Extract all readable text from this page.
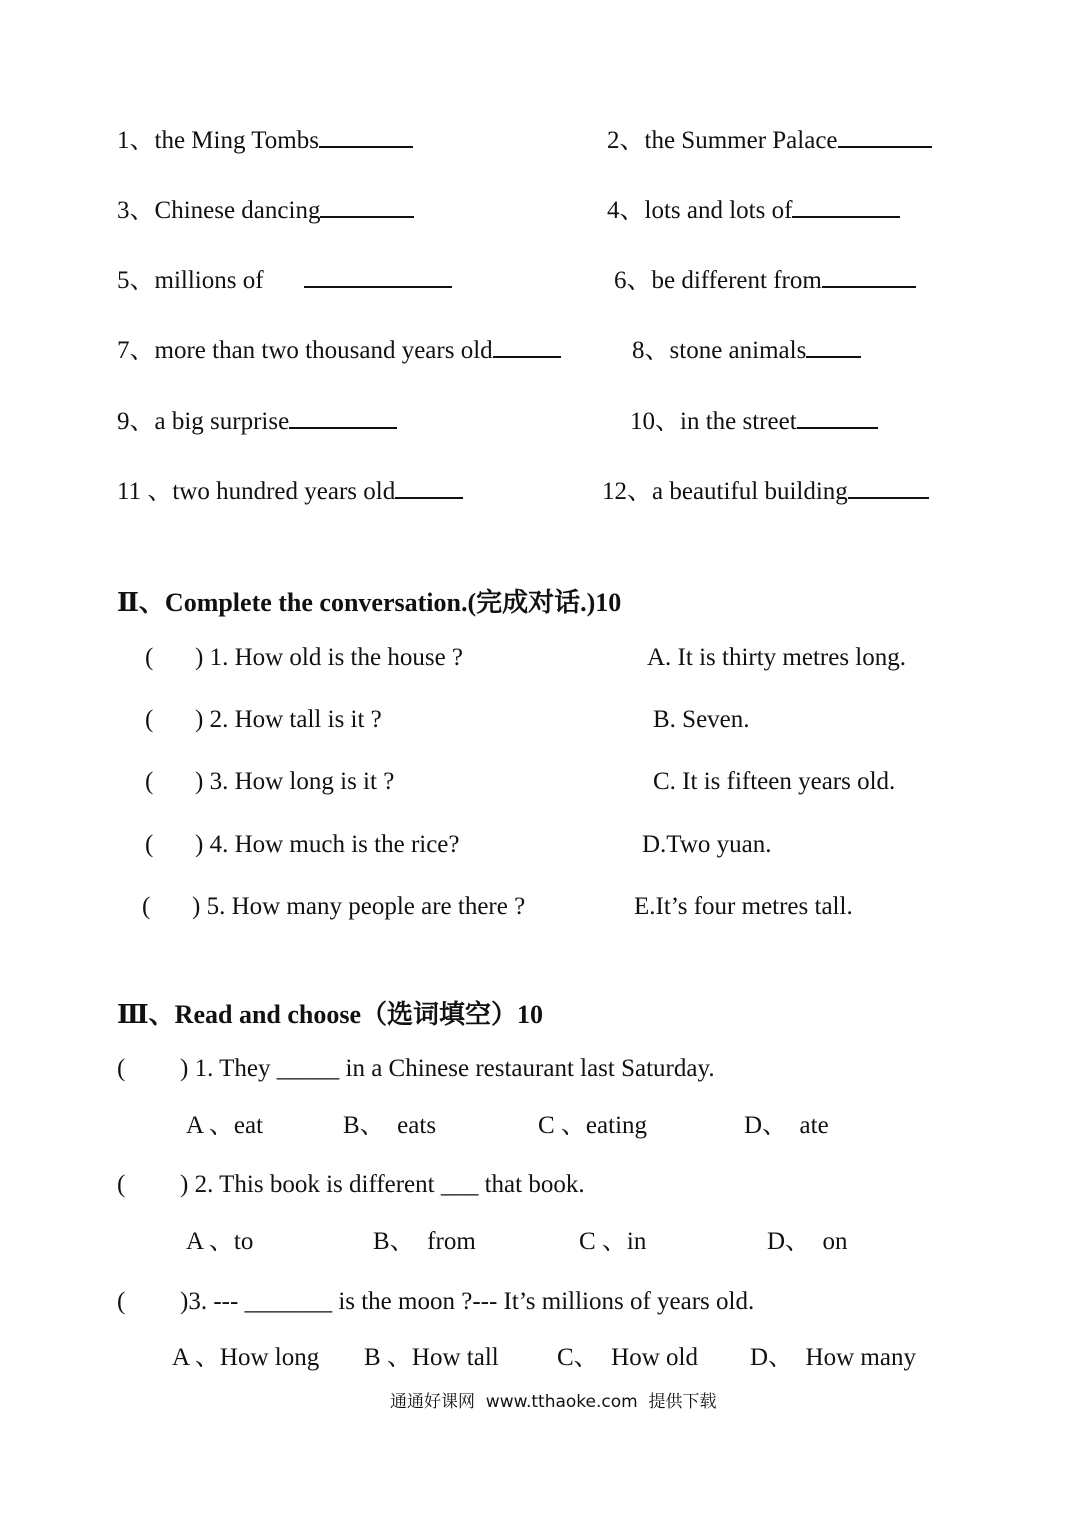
1、the Ming Tombs	2、the Summer Palace
3、Chinese dancing	4、lots and lots of
5、millions of	6、be different from
7、more than two thousand years old	8、stone animals
9、a big surprise	10、in the street
11 、two hundred years old	12、a beautiful building
Ⅱ、Complete the conversation.(完成对话.)10
( ) 1. How old is the house ?	A. It is thirty metres long.
( ) 2. How tall is it ?	B. Seven.
( ) 3. How long is it ?	C. It is fifteen years old.
( ) 4. How much is the rice?	D.Two yuan.
( ) 5. How many people are there ?	E.It’s four metres tall.
Ⅲ、Read and choose（选词填空）10
( ) 1. They _____ in a Chinese restaurant last Saturday.
A 、eat	B、  eats	C 、eating	D、  ate
( ) 2. This book is different ___ that book.
A 、to	B、  from	C 、in	D、  on
( )3. --- _______ is the moon ?--- It’s millions of years old.
A 、How long B 、How tall C、  How old D、  How many
通通好课网  www.tthaoke.com  提供下载
